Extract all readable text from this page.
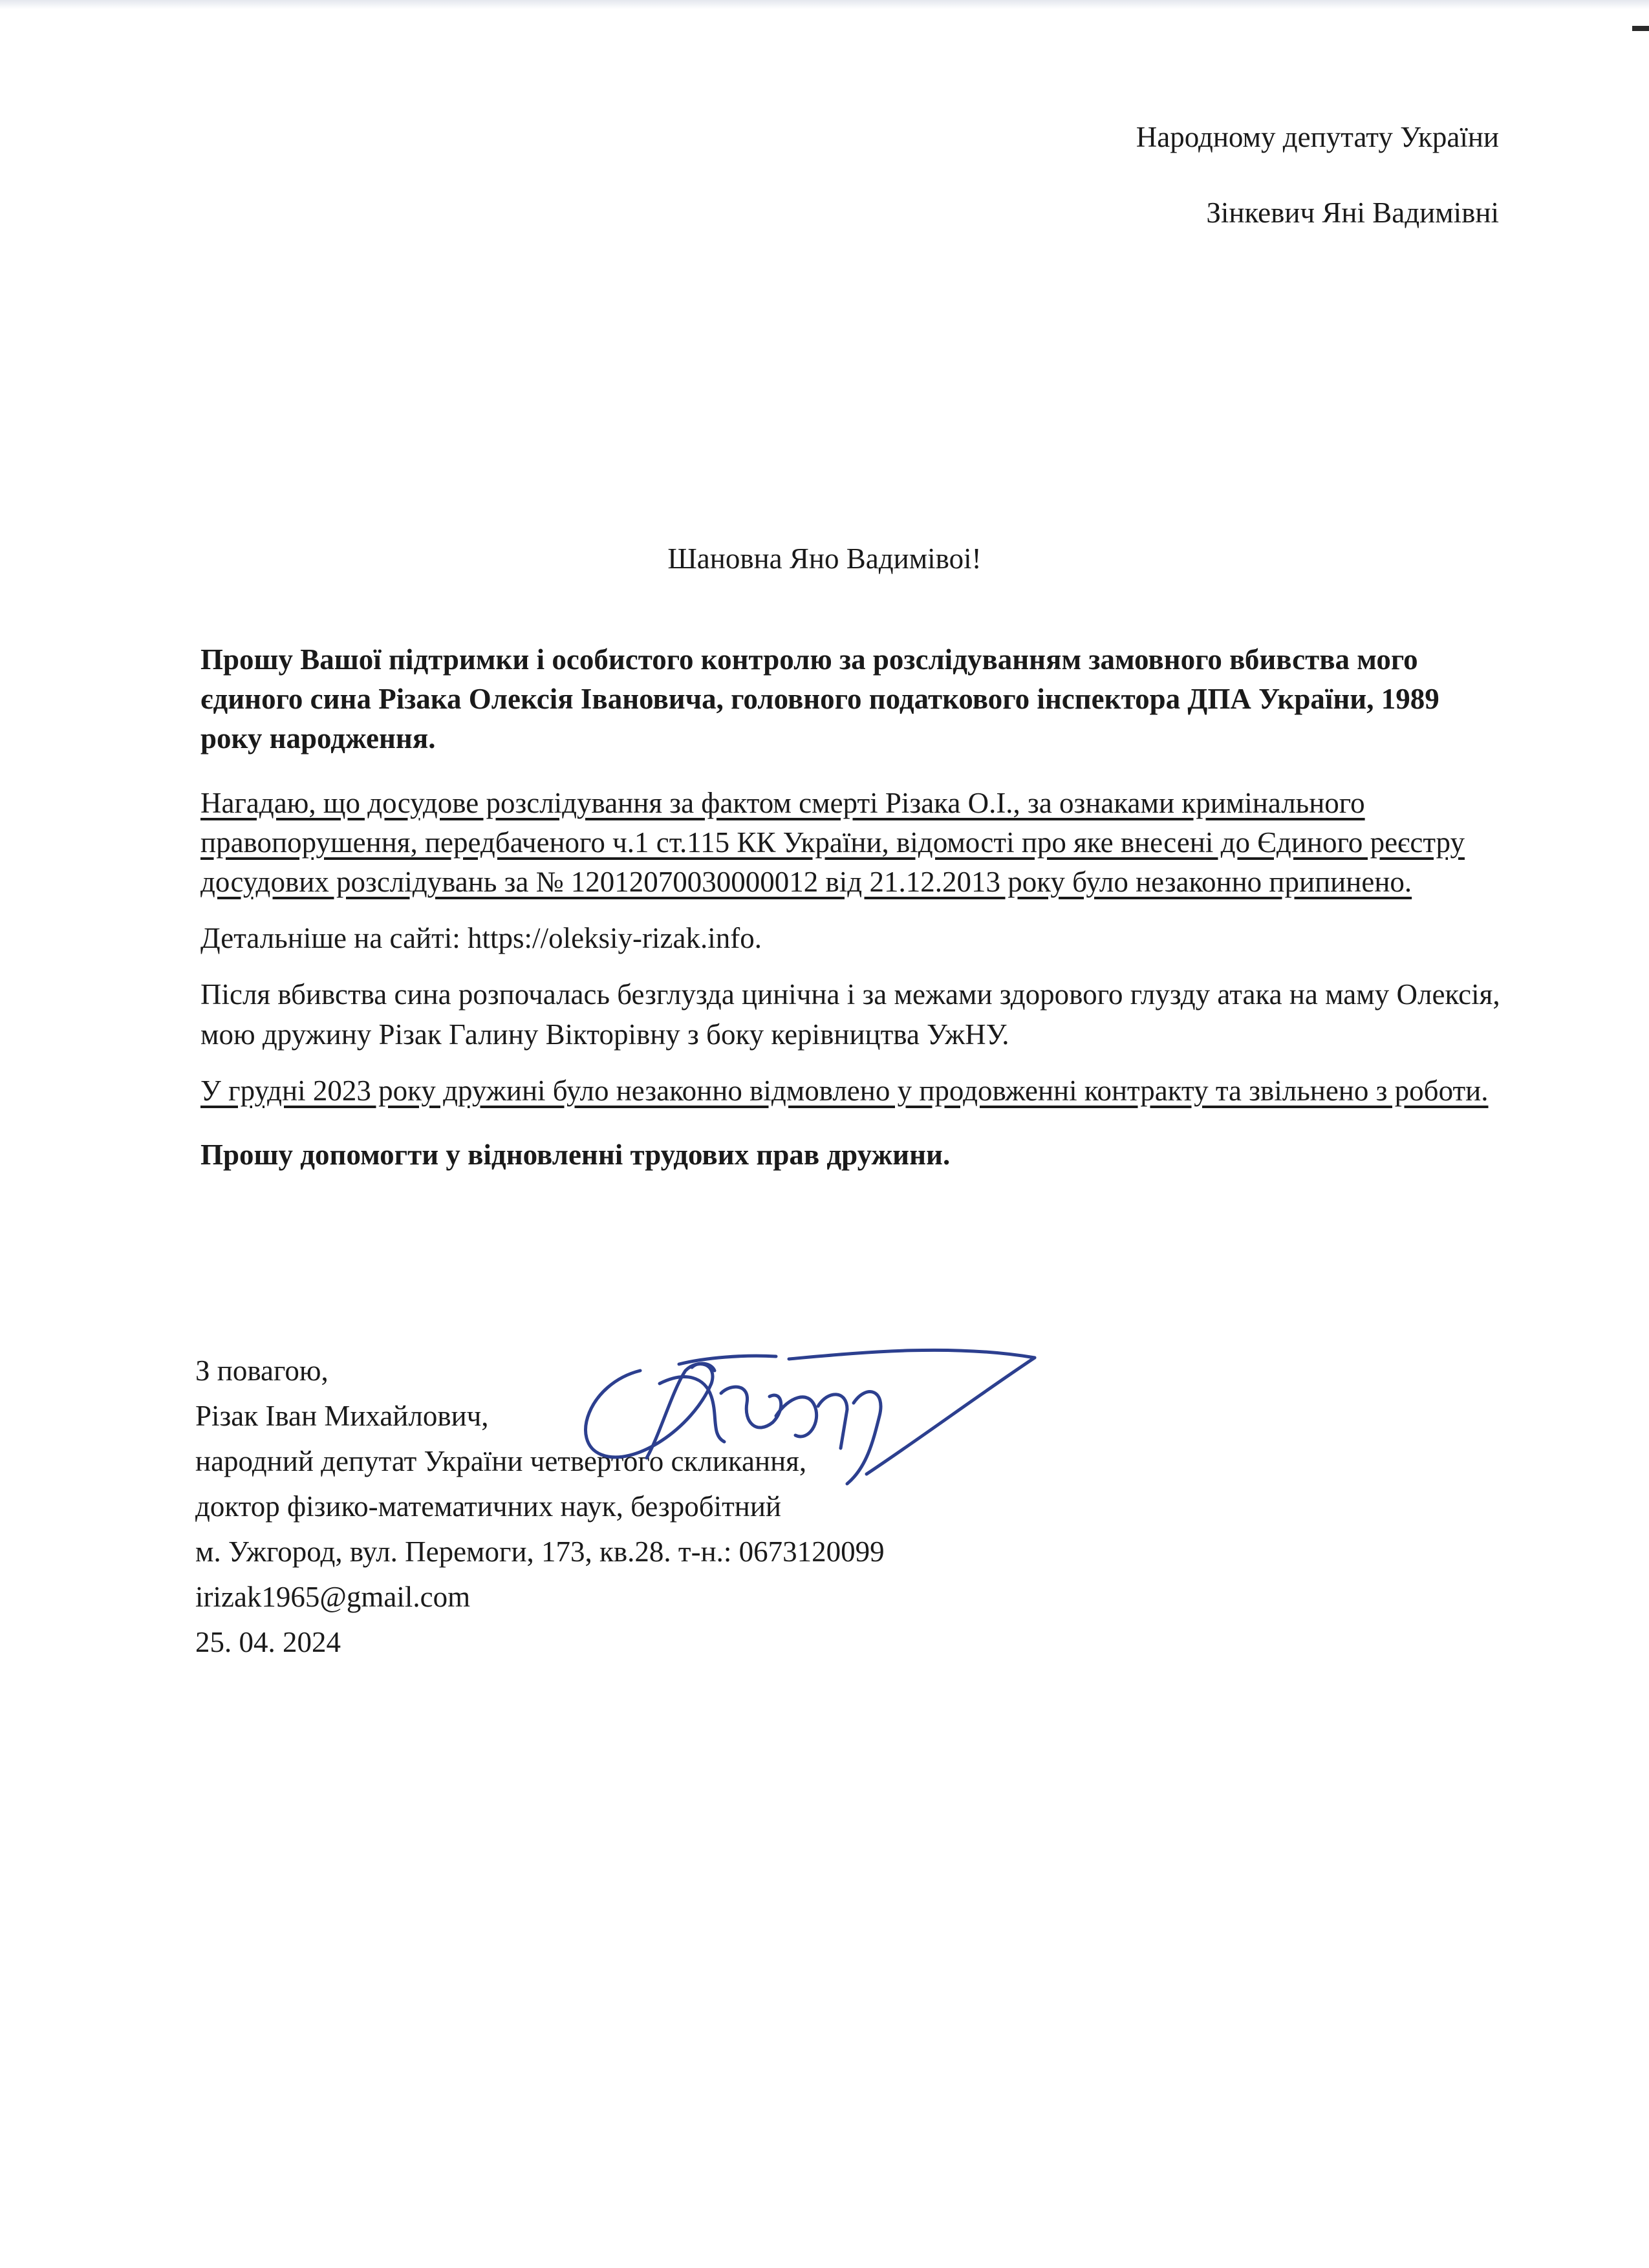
Народному депутату України
Зінкевич Яні Вадимівні
Шановна Яно Вадимівоі!

Прошу Вашої підтримки і особистого контролю за розслідуванням замовного вбивства мого єдиного сина Різака Олексія Івановича, головного податкового інспектора ДПА України, 1989 року народження.

Нагадаю, що досудове розслідування за фактом смерті Різака О.І., за ознаками кримінального правопорушення, передбаченого ч.1 ст.115 КК України, відомості про яке внесені до Єдиного реєстру досудових розслідувань за № 12012070030000012 від 21.12.2013 року було незаконно припинено.

Детальніше на сайті: https://oleksiy-rizak.info.

Після вбивства сина розпочалась безглузда цинічна і за межами здорового глузду атака на маму Олексія, мою дружину Різак Галину Вікторівну з боку керівництва УжНУ.

У грудні 2023 року дружині було незаконно відмовлено у продовженні контракту та звільнено з роботи.

Прошу допомогти у відновленні трудових прав дружини.

З повагою,
Різак Іван Михайлович,
народний депутат України четвертого скликання,
доктор фізико-математичних наук, безробітний
м. Ужгород, вул. Перемоги, 173, кв.28. т-н.: 0673120099
irizak1965@gmail.com
25. 04. 2024
